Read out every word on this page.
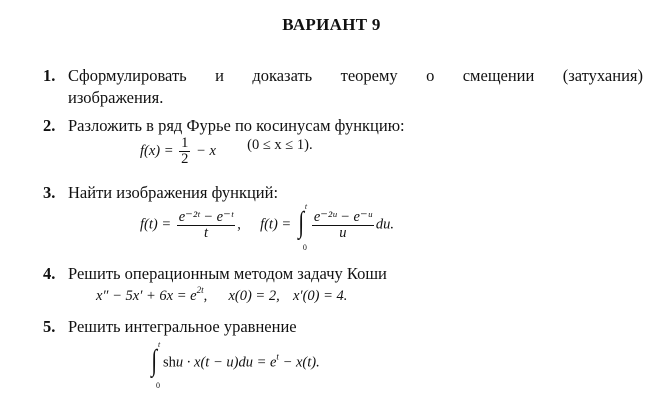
ВАРИАНТ 9
1. Сформулировать и доказать теорему о смещении (затухания)
изображения.
2. Разложить в ряд Фурье по косинусам функцию:
$f(x) = \frac{1}{2} - x$ (0 ≤ x ≤ 1).
3. Найти изображения функций:
$f(t) = \frac{\text{e⁻²ᵗ − e⁻ᵗ}}{t}$ , f(t) = ∫ t
0
$\frac{\text{e⁻²ᵘ − e⁻ᵘ}}{u}$ du.
4. Решить операционным методом задачу Коши
$x'' - 5x' + 6x = e^{2t}$, x(0) = 2, x′(0) = 4.
5. Решить интегральное уравнение
∫ t
0
shu · $x(t - u)du = e^t - x(t)$.
